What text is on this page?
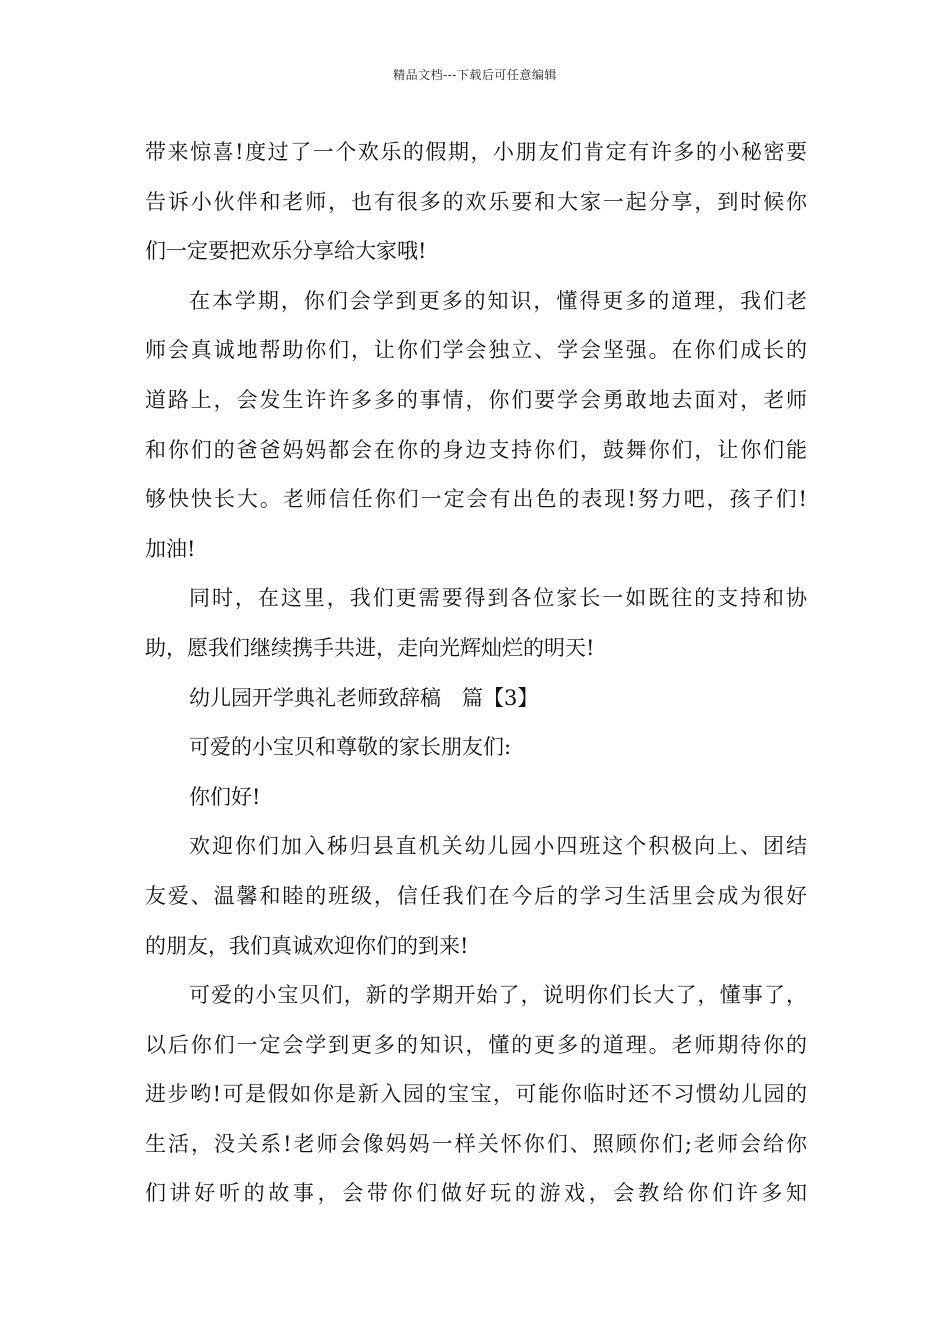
精品文档---下载后可任意编辑
带来惊喜!度过了一个欢乐的假期，小朋友们肯定有许多的小秘密要
告诉小伙伴和老师，也有很多的欢乐要和大家一起分享，到时候你
们一定要把欢乐分享给大家哦!
在本学期，你们会学到更多的知识，懂得更多的道理，我们老
师会真诚地帮助你们，让你们学会独立、学会坚强。在你们成长的
道路上，会发生许许多多的事情，你们要学会勇敢地去面对，老师
和你们的爸爸妈妈都会在你的身边支持你们，鼓舞你们，让你们能
够快快长大。老师信任你们一定会有出色的表现!努力吧，孩子们!
加油!
同时，在这里，我们更需要得到各位家长一如既往的支持和协
助，愿我们继续携手共进，走向光辉灿烂的明天!
幼儿园开学典礼老师致辞稿　篇【3】
可爱的小宝贝和尊敬的家长朋友们:
你们好!
欢迎你们加入秭归县直机关幼儿园小四班这个积极向上、团结
友爱、温馨和睦的班级，信任我们在今后的学习生活里会成为很好
的朋友，我们真诚欢迎你们的到来!
可爱的小宝贝们，新的学期开始了，说明你们长大了，懂事了，
以后你们一定会学到更多的知识，懂的更多的道理。老师期待你的
进步哟!可是假如你是新入园的宝宝，可能你临时还不习惯幼儿园的
生活，没关系!老师会像妈妈一样关怀你们、照顾你们;老师会给你
们讲好听的故事，会带你们做好玩的游戏，会教给你们许多知
